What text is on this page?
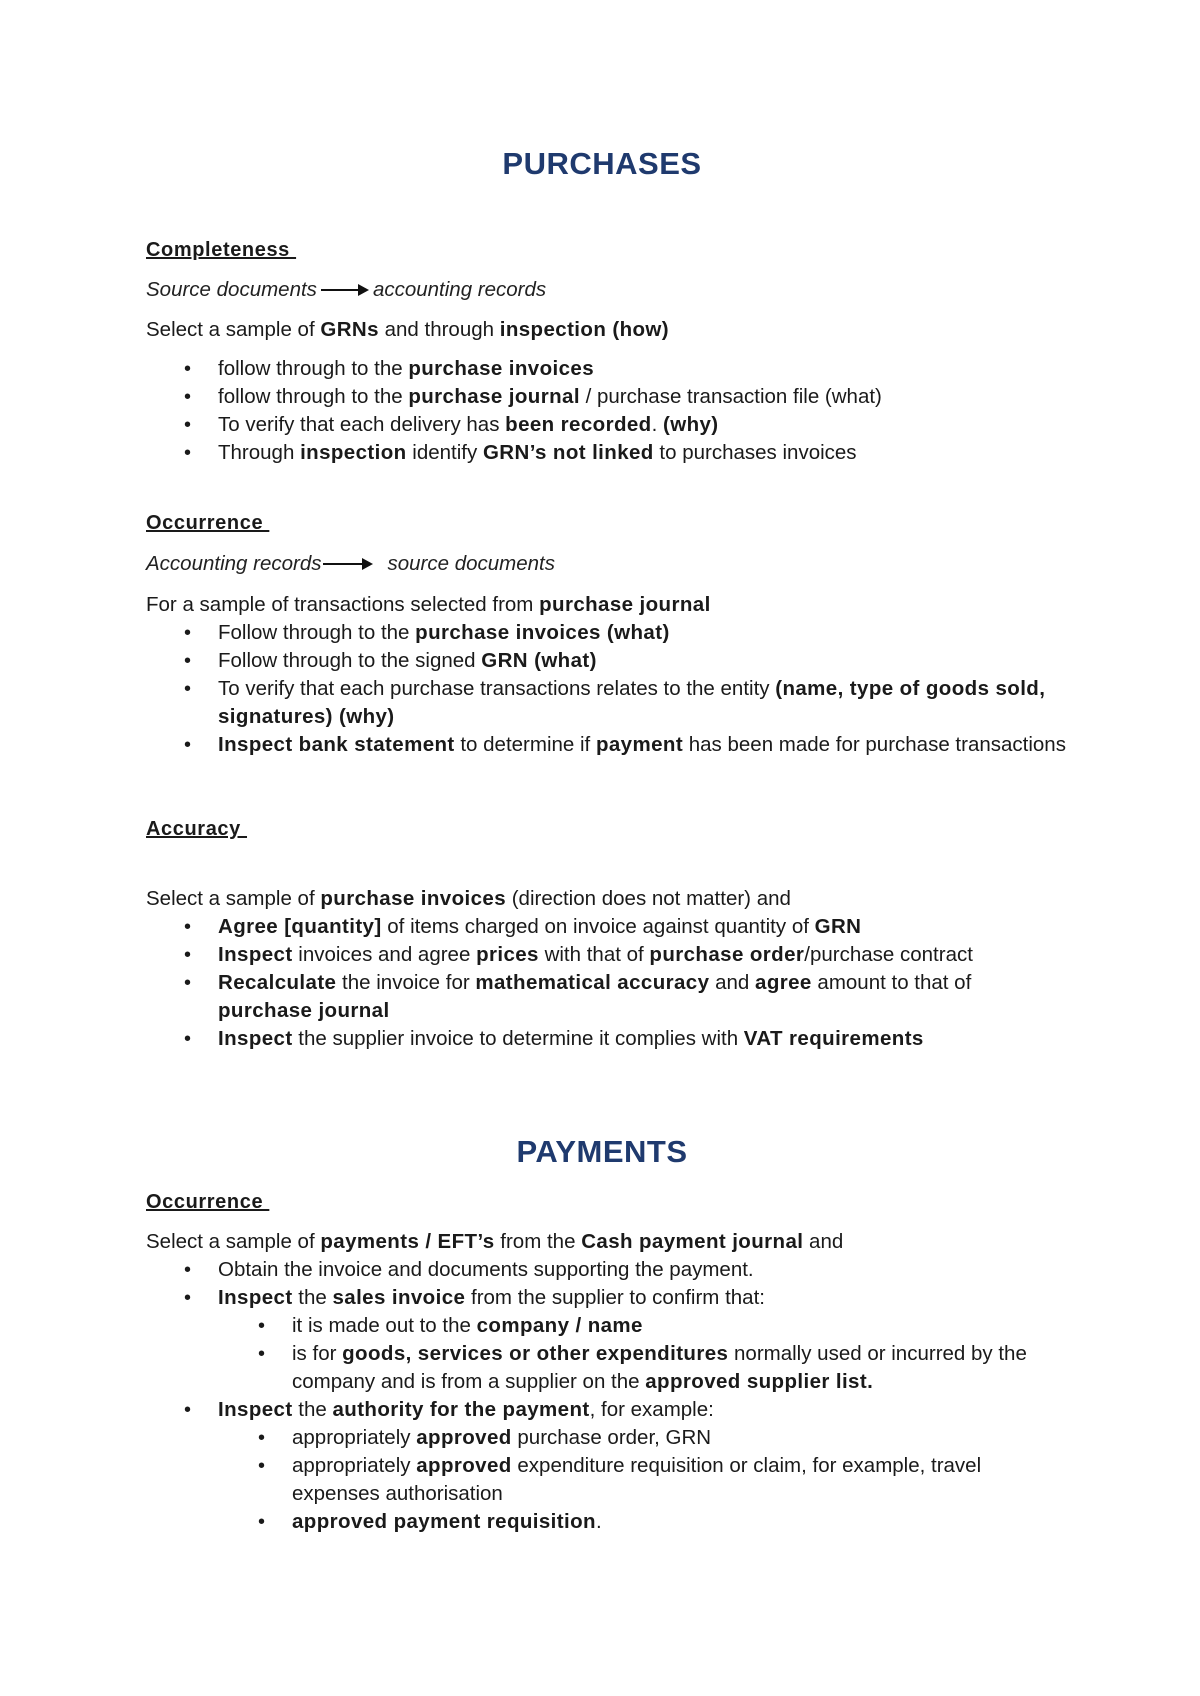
PURCHASES
Completeness
Source documents	accounting records
Select a sample of GRNs and through inspection (how)
• follow through to the purchase invoices
• follow through to the purchase journal / purchase transaction file (what)
• To verify that each delivery has been recorded. (why)
• Through inspection identify GRN’s not linked to purchases invoices
Occurrence
Accounting records	source documents
For a sample of transactions selected from purchase journal
• Follow through to the purchase invoices (what)
• Follow through to the signed GRN (what)
• To verify that each purchase transactions relates to the entity (name, type of goods sold, signatures) (why)
• Inspect bank statement to determine if payment has been made for purchase transactions
Accuracy
Select a sample of purchase invoices (direction does not matter) and
• Agree [quantity] of items charged on invoice against quantity of GRN
• Inspect invoices and agree prices with that of purchase order/purchase contract
• Recalculate the invoice for mathematical accuracy and agree amount to that of purchase journal
• Inspect the supplier invoice to determine it complies with VAT requirements
PAYMENTS
Occurrence
Select a sample of payments / EFT’s from the Cash payment journal and
• Obtain the invoice and documents supporting the payment.
• Inspect the sales invoice from the supplier to confirm that:
• it is made out to the company / name
• is for goods, services or other expenditures normally used or incurred by the company and is from a supplier on the approved supplier list.
• Inspect the authority for the payment, for example:
• appropriately approved purchase order, GRN
• appropriately approved expenditure requisition or claim, for example, travel expenses authorisation
• approved payment requisition.
